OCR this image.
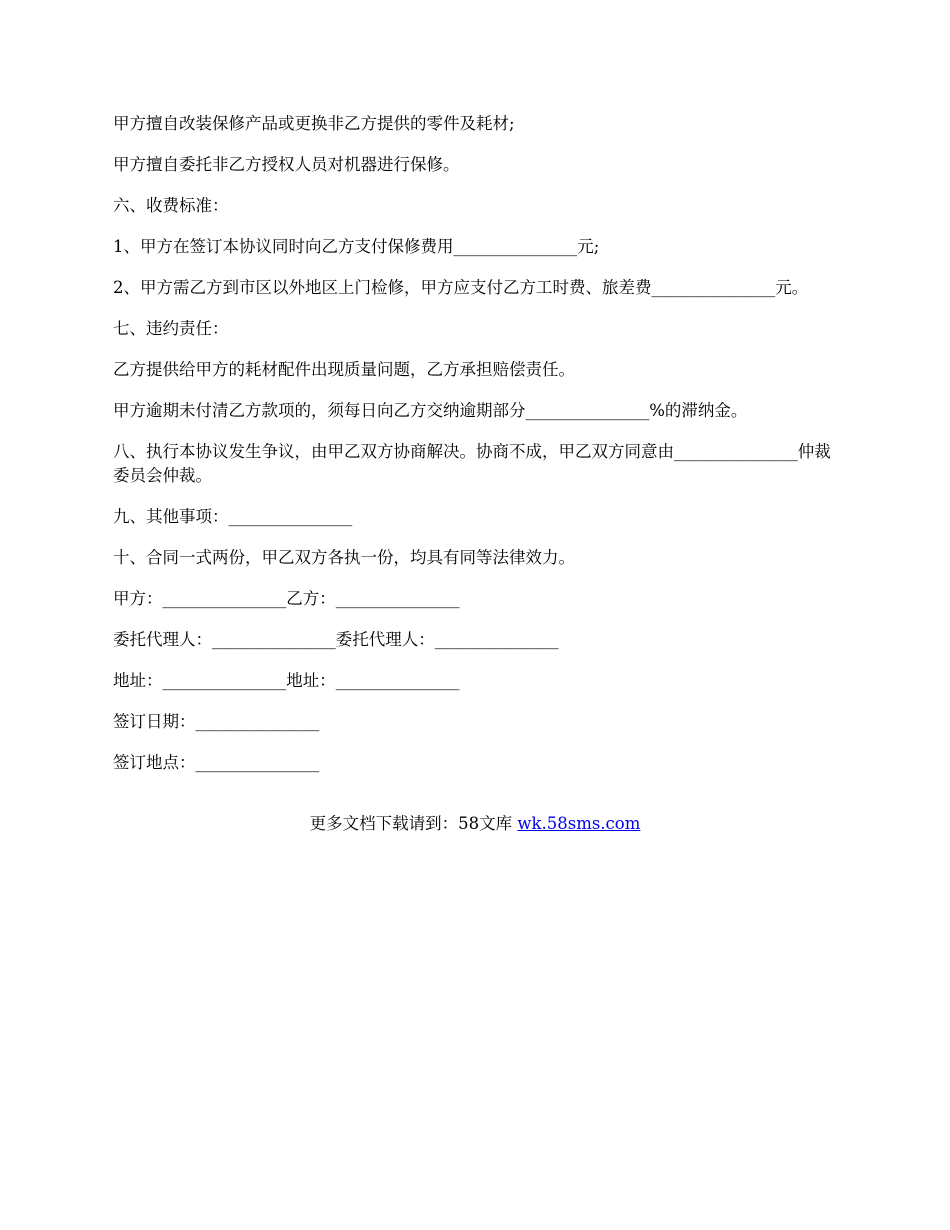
甲方擅自改装保修产品或更换非乙方提供的零件及耗材;

甲方擅自委托非乙方授权人员对机器进行保修。

六、收费标准：

1、甲方在签订本协议同时向乙方支付保修费用_______________元;

2、甲方需乙方到市区以外地区上门检修，甲方应支付乙方工时费、旅差费_______________元。

七、违约责任：

乙方提供给甲方的耗材配件出现质量问题，乙方承担赔偿责任。

甲方逾期未付清乙方款项的，须每日向乙方交纳逾期部分_______________%的滞纳金。

八、执行本协议发生争议，由甲乙双方协商解决。协商不成，甲乙双方同意由_______________仲裁委员会仲裁。

九、其他事项：_______________

十、合同一式两份，甲乙双方各执一份，均具有同等法律效力。

甲方：_______________乙方：_______________

委托代理人：_______________委托代理人：_______________

地址：_______________地址：_______________

签订日期：_______________

签订地点：_______________

更多文档下载请到：58文库 wk.58sms.com
